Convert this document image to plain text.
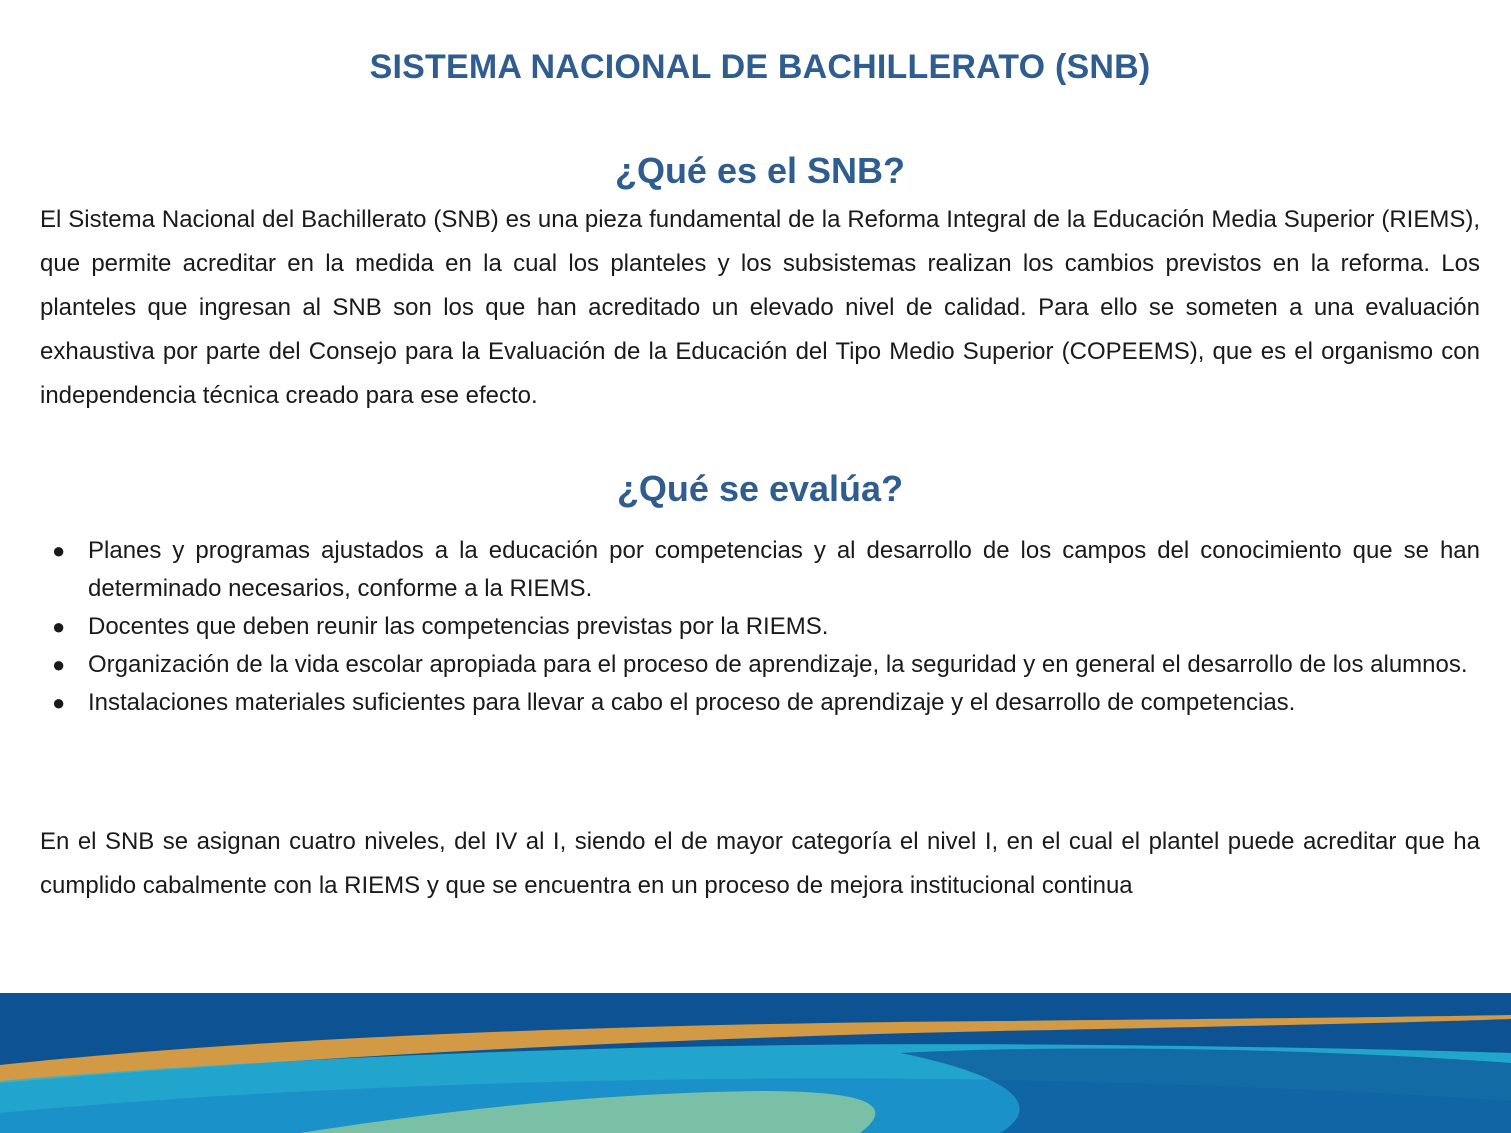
SISTEMA NACIONAL DE BACHILLERATO (SNB)
¿Qué es el SNB?

El Sistema Nacional del Bachillerato (SNB) es una pieza fundamental de la Reforma Integral de la Educación Media Superior (RIEMS), que permite acreditar en la medida en la cual los planteles y los subsistemas realizan los cambios previstos en la reforma. Los planteles que ingresan al SNB son los que han acreditado un elevado nivel de calidad. Para ello se someten a una evaluación exhaustiva por parte del Consejo para la Evaluación de la Educación del Tipo Medio Superior (COPEEMS), que es el organismo con independencia técnica creado para ese efecto.

¿Qué se evalúa?
● Planes y programas ajustados a la educación por competencias y al desarrollo de los campos del conocimiento que se han determinado necesarios, conforme a la RIEMS.
● Docentes que deben reunir las competencias previstas por la RIEMS.
● Organización de la vida escolar apropiada para el proceso de aprendizaje, la seguridad y en general el desarrollo de los alumnos.
● Instalaciones materiales suficientes para llevar a cabo el proceso de aprendizaje y el desarrollo de competencias.

En el SNB se asignan cuatro niveles, del IV al I, siendo el de mayor categoría el nivel I, en el cual el plantel puede acreditar que ha cumplido cabalmente con la RIEMS y que se encuentra en un proceso de mejora institucional continua
